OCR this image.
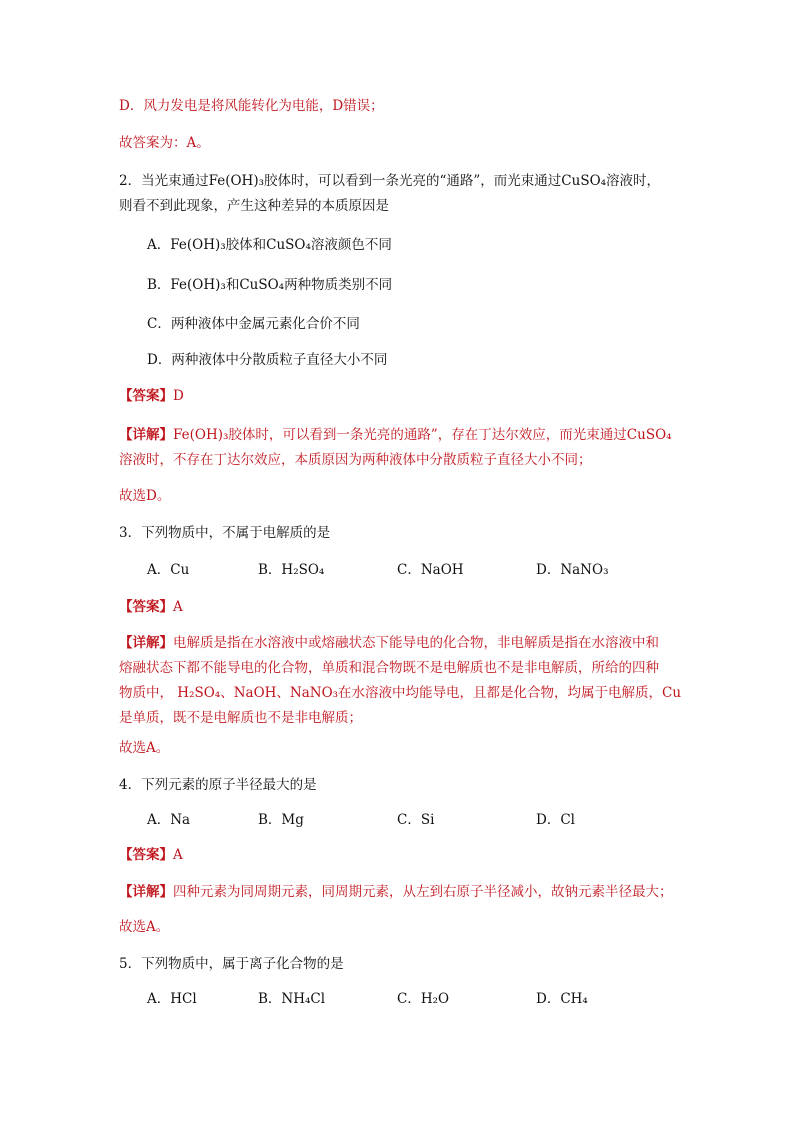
D．风力发电是将风能转化为电能，D错误；
故答案为：A。
2．当光束通过Fe(OH)₃胶体时，可以看到一条光亮的“通路”，而光束通过CuSO₄溶液时，
则看不到此现象，产生这种差异的本质原因是
A．Fe(OH)₃胶体和CuSO₄溶液颜色不同
B．Fe(OH)₃和CuSO₄两种物质类别不同
C．两种液体中金属元素化合价不同
D．两种液体中分散质粒子直径大小不同
【答案】D
【详解】Fe(OH)₃胶体时，可以看到一条光亮的通路”，存在丁达尔效应，而光束通过CuSO₄
溶液时，不存在丁达尔效应，本质原因为两种液体中分散质粒子直径大小不同；
故选D。
3．下列物质中，不属于电解质的是
A．Cu	B．H₂SO₄	C．NaOH	D．NaNO₃
【答案】A
【详解】电解质是指在水溶液中或熔融状态下能导电的化合物，非电解质是指在水溶液中和
熔融状态下都不能导电的化合物，单质和混合物既不是电解质也不是非电解质，所给的四种
物质中， H₂SO₄、NaOH、NaNO₃在水溶液中均能导电，且都是化合物，均属于电解质，Cu
是单质，既不是电解质也不是非电解质；
故选A。
4．下列元素的原子半径最大的是
A．Na	B．Mg	C．Si	D．Cl
【答案】A
【详解】四种元素为同周期元素，同周期元素，从左到右原子半径减小，故钠元素半径最大；
故选A。
5．下列物质中，属于离子化合物的是
A．HCl	B．NH₄Cl	C．H₂O	D．CH₄
